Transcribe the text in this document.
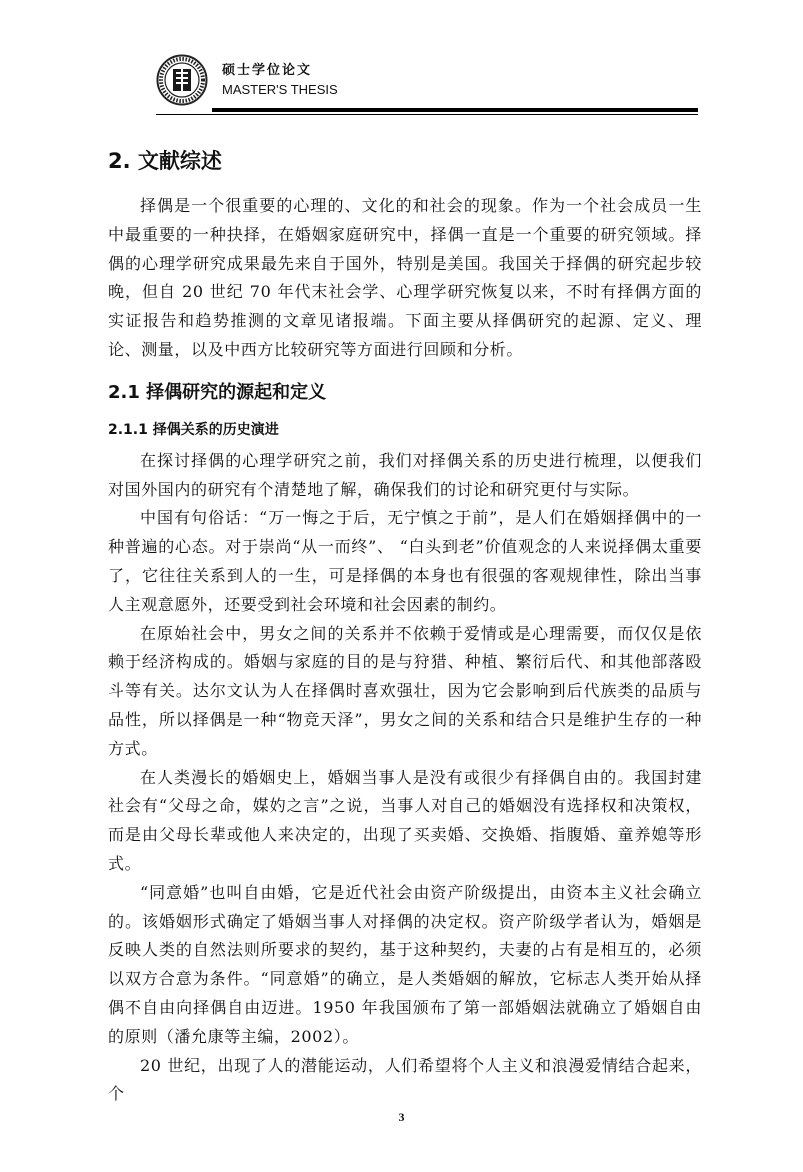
硕士学位论文
MASTER'S THESIS
2. 文献综述

择偶是一个很重要的心理的、文化的和社会的现象。作为一个社会成员一生中最重要的一种抉择，在婚姻家庭研究中，择偶一直是一个重要的研究领域。择偶的心理学研究成果最先来自于国外，特别是美国。我国关于择偶的研究起步较晚，但自 20 世纪 70 年代末社会学、心理学研究恢复以来，不时有择偶方面的实证报告和趋势推测的文章见诸报端。下面主要从择偶研究的起源、定义、理论、测量，以及中西方比较研究等方面进行回顾和分析。

2.1 择偶研究的源起和定义
2.1.1 择偶关系的历史演进

在探讨择偶的心理学研究之前，我们对择偶关系的历史进行梳理，以便我们对国外国内的研究有个清楚地了解，确保我们的讨论和研究更付与实际。

中国有句俗话：“万一悔之于后，无宁慎之于前”，是人们在婚姻择偶中的一种普遍的心态。对于崇尚“从一而终”、 “白头到老”价值观念的人来说择偶太重要了，它往往关系到人的一生，可是择偶的本身也有很强的客观规律性，除出当事人主观意愿外，还要受到社会环境和社会因素的制约。

在原始社会中，男女之间的关系并不依赖于爱情或是心理需要，而仅仅是依赖于经济构成的。婚姻与家庭的目的是与狩猎、种植、繁衍后代、和其他部落殴斗等有关。达尔文认为人在择偶时喜欢强壮，因为它会影响到后代族类的品质与品性，所以择偶是一种“物竞天泽”，男女之间的关系和结合只是维护生存的一种方式。

在人类漫长的婚姻史上，婚姻当事人是没有或很少有择偶自由的。我国封建社会有“父母之命，媒妁之言”之说，当事人对自己的婚姻没有选择权和决策权，而是由父母长辈或他人来决定的，出现了买卖婚、交换婚、指腹婚、童养媳等形式。

“同意婚”也叫自由婚，它是近代社会由资产阶级提出，由资本主义社会确立的。该婚姻形式确定了婚姻当事人对择偶的决定权。资产阶级学者认为，婚姻是反映人类的自然法则所要求的契约，基于这种契约，夫妻的占有是相互的，必须以双方合意为条件。“同意婚”的确立，是人类婚姻的解放，它标志人类开始从择偶不自由向择偶自由迈进。1950 年我国颁布了第一部婚姻法就确立了婚姻自由的原则（潘允康等主编，2002）。

20 世纪，出现了人的潜能运动，人们希望将个人主义和浪漫爱情结合起来，个

3
